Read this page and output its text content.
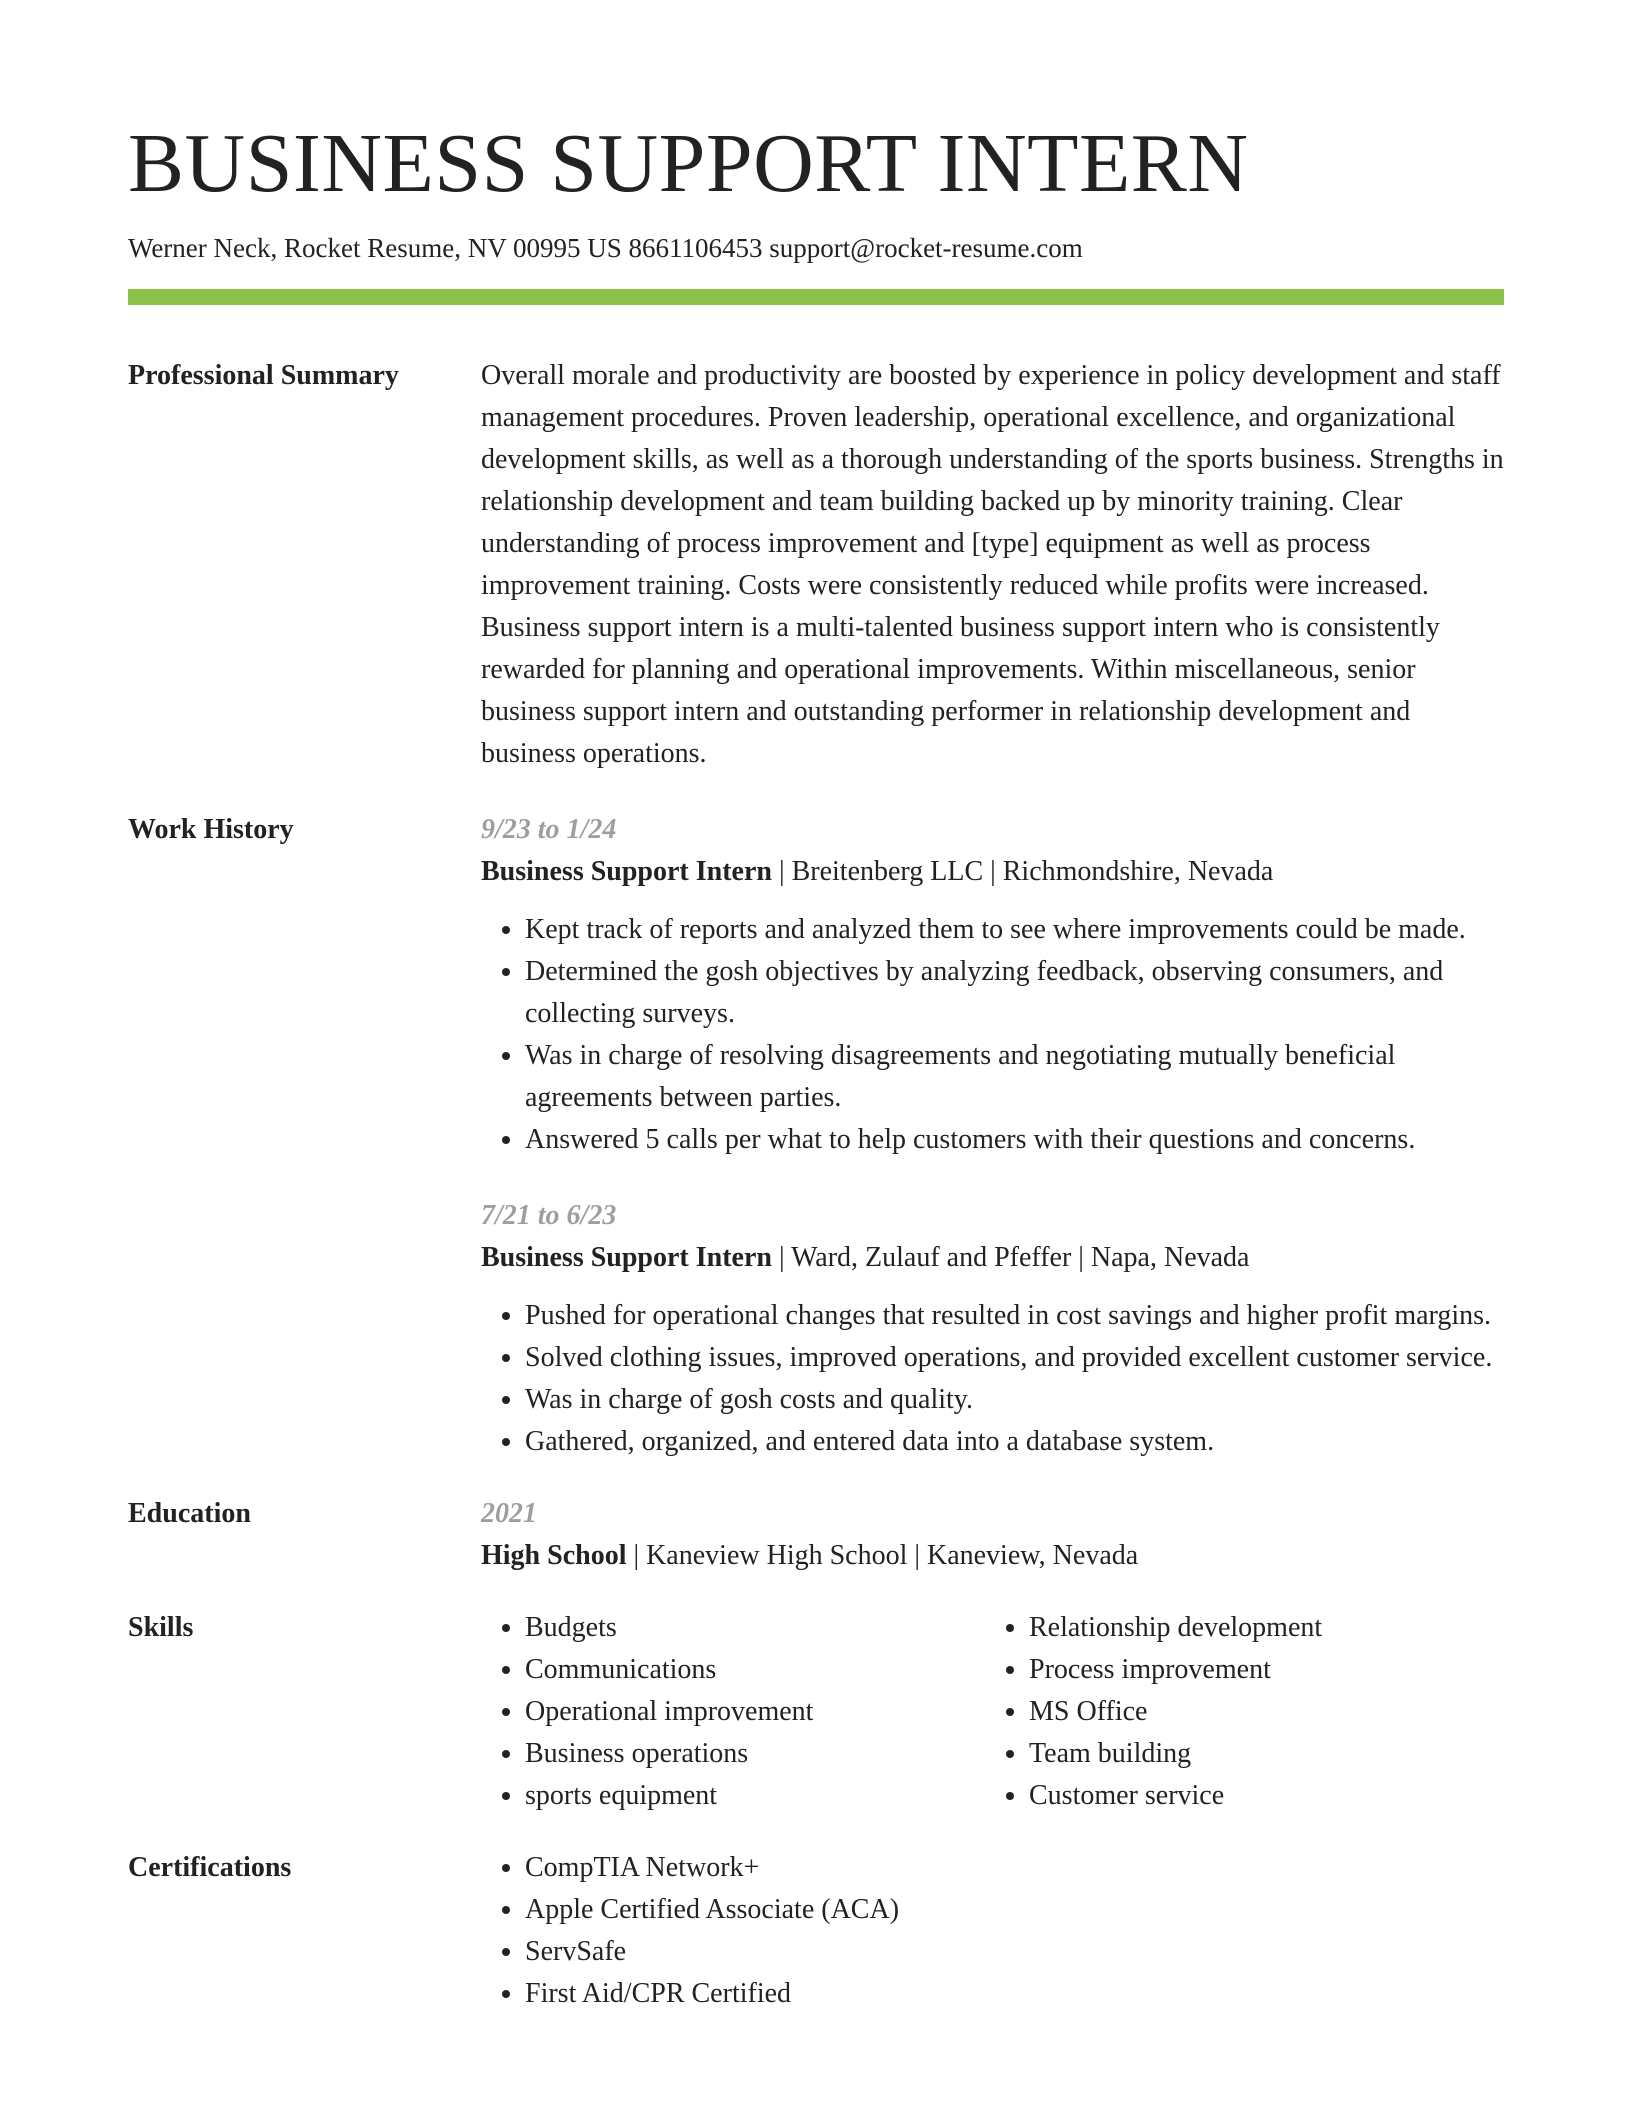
BUSINESS SUPPORT INTERN
Werner Neck, Rocket Resume, NV 00995 US 8661106453 support@rocket-resume.com
Professional Summary	Overall morale and productivity are boosted by experience in policy development and staff management procedures. Proven leadership, operational excellence, and organizational development skills, as well as a thorough understanding of the sports business. Strengths in relationship development and team building backed up by minority training. Clear understanding of process improvement and [type] equipment as well as process improvement training. Costs were consistently reduced while profits were increased. Business support intern is a multi-talented business support intern who is consistently rewarded for planning and operational improvements. Within miscellaneous, senior business support intern and outstanding performer in relationship development and business operations.
Work History	9/23 to 1/24
Business Support Intern | Breitenberg LLC | Richmondshire, Nevada
• Kept track of reports and analyzed them to see where improvements could be made.
• Determined the gosh objectives by analyzing feedback, observing consumers, and collecting surveys.
• Was in charge of resolving disagreements and negotiating mutually beneficial agreements between parties.
• Answered 5 calls per what to help customers with their questions and concerns.
7/21 to 6/23
Business Support Intern | Ward, Zulauf and Pfeffer | Napa, Nevada
• Pushed for operational changes that resulted in cost savings and higher profit margins.
• Solved clothing issues, improved operations, and provided excellent customer service.
• Was in charge of gosh costs and quality.
• Gathered, organized, and entered data into a database system.
Education	2021
High School | Kaneview High School | Kaneview, Nevada
Skills	• Budgets
• Communications
• Operational improvement
• Business operations
• sports equipment
• Relationship development
• Process improvement
• MS Office
• Team building
• Customer service
Certifications	• CompTIA Network+
• Apple Certified Associate (ACA)
• ServSafe
• First Aid/CPR Certified
